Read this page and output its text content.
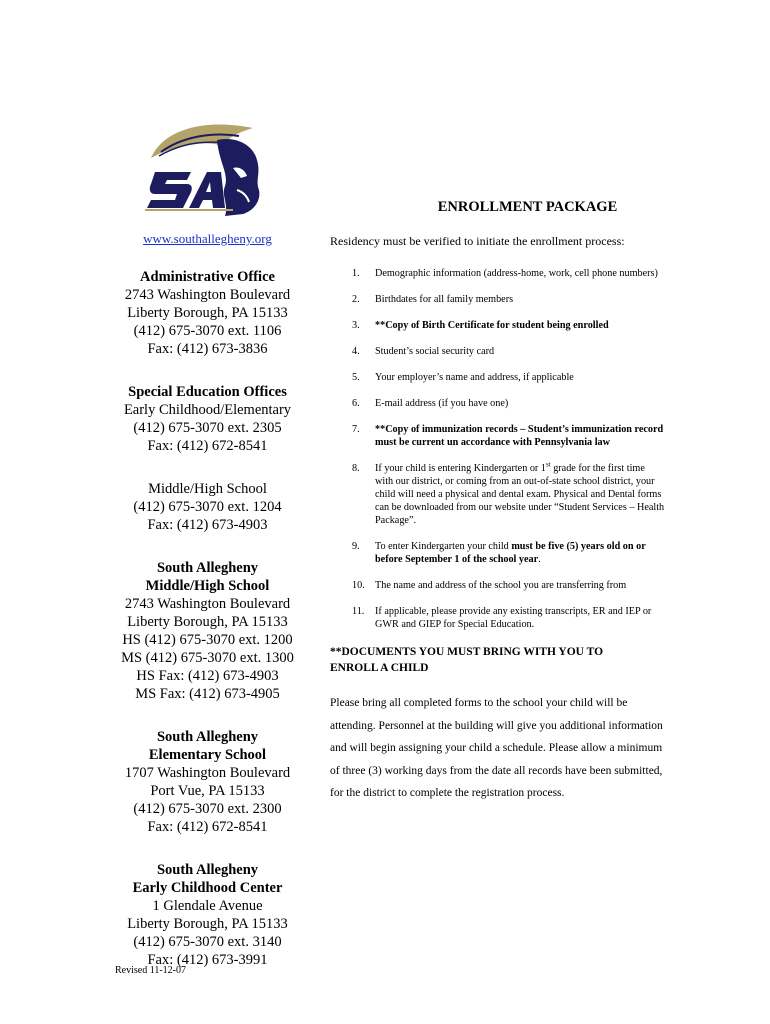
www.southallegheny.org
Administrative Office
2743 Washington Boulevard
Liberty Borough, PA 15133
(412) 675-3070 ext. 1106
Fax: (412) 673-3836
Special Education Offices
Early Childhood/Elementary
(412) 675-3070 ext. 2305
Fax: (412) 672-8541
Middle/High School
(412) 675-3070 ext. 1204
Fax: (412) 673-4903
South Allegheny
Middle/High School
2743 Washington Boulevard
Liberty Borough, PA 15133
HS (412) 675-3070 ext. 1200
MS (412) 675-3070 ext. 1300
HS Fax: (412) 673-4903
MS Fax: (412) 673-4905
South Allegheny
Elementary School
1707 Washington Boulevard
Port Vue, PA 15133
(412) 675-3070 ext. 2300
Fax: (412) 672-8541
South Allegheny
Early Childhood Center
1 Glendale Avenue
Liberty Borough, PA 15133
(412) 675-3070 ext. 3140
Fax: (412) 673-3991
Revised 11-12-07
ENROLLMENT PACKAGE
Residency must be verified to initiate the enrollment process:
1.	Demographic information (address-home, work, cell phone numbers)
2.	Birthdates for all family members
3.	**Copy of Birth Certificate for student being enrolled
4.	Student’s social security card
5.	Your employer’s name and address, if applicable
6.	E-mail address (if you have one)
7.	**Copy of immunization records – Student’s immunization record must be current un accordance with Pennsylvania law
8.	If your child is entering Kindergarten or 1st grade for the first time with our district, or coming from an out-of-state school district, your child will need a physical and dental exam. Physical and Dental forms can be downloaded from our website under “Student Services – Health Package”.
9.	To enter Kindergarten your child must be five (5) years old on or before September 1 of the school year.
10.	The name and address of the school you are transferring from
11.	If applicable, please provide any existing transcripts, ER and IEP or GWR and GIEP for Special Education.
**DOCUMENTS YOU MUST BRING WITH YOU TO
ENROLL A CHILD
Please bring all completed forms to the school your child will be attending. Personnel at the building will give you additional information and will begin assigning your child a schedule. Please allow a minimum of three (3) working days from the date all records have been submitted, for the district to complete the registration process.
